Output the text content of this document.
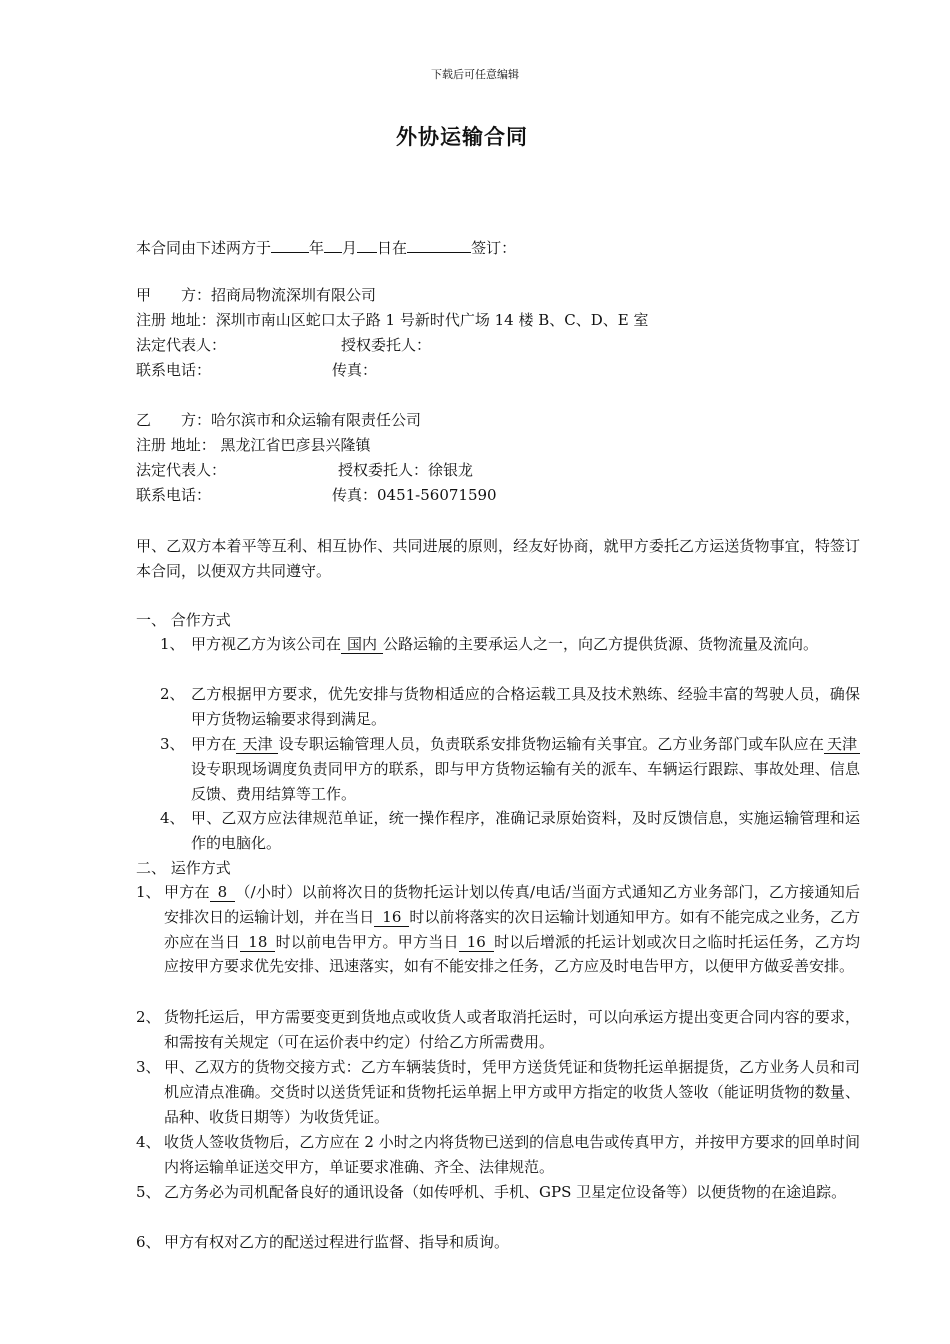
下载后可任意编辑
外协运输合同
本合同由下述两方于	年 月 日在	签订：
甲　　方：招商局物流深圳有限公司
注册 地址：深圳市南山区蛇口太子路 1 号新时代广场 14 楼 B、C、D、E 室
法定代表人：	授权委托人：
联系电话：	传真：
乙　　方：哈尔滨市和众运输有限责任公司
注册 地址： 黑龙江省巴彦县兴隆镇
法定代表人：	授权委托人：徐银龙
联系电话：	传真：0451-56071590
甲、乙双方本着平等互利、相互协作、共同进展的原则，经友好协商，就甲方委托乙方运送货物事宜，特签订本合同，以便双方共同遵守。
一、 合作方式
1、 甲方视乙方为该公司在 国内 公路运输的主要承运人之一，向乙方提供货源、货物流量及流向。
2、 乙方根据甲方要求，优先安排与货物相适应的合格运载工具及技术熟练、经验丰富的驾驶人员，确保甲方货物运输要求得到满足。
3、 甲方在 天津 设专职运输管理人员，负责联系安排货物运输有关事宜。乙方业务部门或车队应在 天津设专职现场调度负责同甲方的联系，即与甲方货物运输有关的派车、车辆运行跟踪、事故处理、信息反馈、费用结算等工作。
4、 甲、乙双方应法律规范单证，统一操作程序，准确记录原始资料，及时反馈信息，实施运输管理和运作的电脑化。
二、 运作方式
1、 甲方在 8 （/小时）以前将次日的货物托运计划以传真/电话/当面方式通知乙方业务部门，乙方接通知后安排次日的运输计划，并在当日 16 时以前将落实的次日运输计划通知甲方。如有不能完成之业务，乙方亦应在当日 18 时以前电告甲方。甲方当日 16 时以后增派的托运计划或次日之临时托运任务，乙方均应按甲方要求优先安排、迅速落实，如有不能安排之任务，乙方应及时电告甲方，以便甲方做妥善安排。
2、 货物托运后，甲方需要变更到货地点或收货人或者取消托运时，可以向承运方提出变更合同内容的要求，和需按有关规定（可在运价表中约定）付给乙方所需费用。
3、 甲、乙双方的货物交接方式：乙方车辆装货时，凭甲方送货凭证和货物托运单据提货，乙方业务人员和司机应清点准确。交货时以送货凭证和货物托运单据上甲方或甲方指定的收货人签收（能证明货物的数量、品种、收货日期等）为收货凭证。
4、 收货人签收货物后，乙方应在 2 小时之内将货物已送到的信息电告或传真甲方，并按甲方要求的回单时间内将运输单证送交甲方，单证要求准确、齐全、法律规范。
5、 乙方务必为司机配备良好的通讯设备（如传呼机、手机、GPS 卫星定位设备等）以便货物的在途追踪。
6、 甲方有权对乙方的配送过程进行监督、指导和质询。
